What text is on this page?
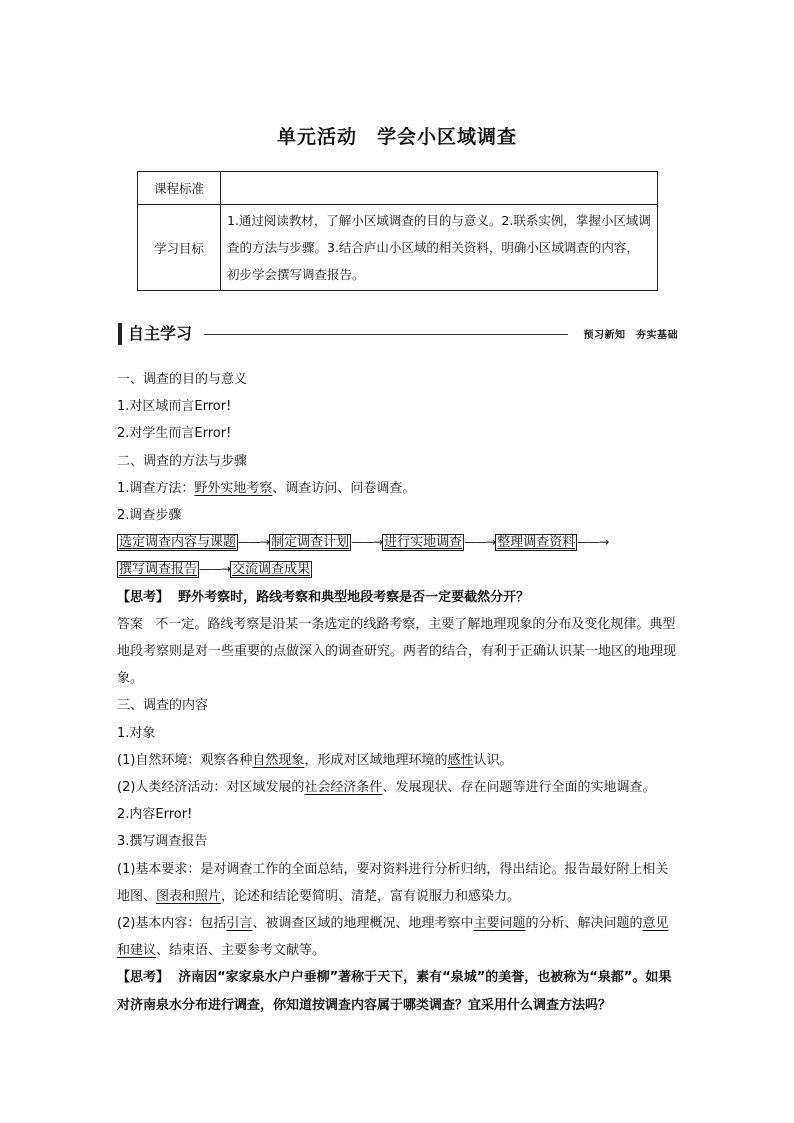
单元活动　学会小区域调查
课程标准	
学习目标	1.通过阅读教材，了解小区域调查的目的与意义。2.联系实例，掌握小区域调查的方法与步骤。3.结合庐山小区域的相关资料，明确小区域调查的内容，初步学会撰写调查报告。
自主学习	预习新知　夯实基础
一、调查的目的与意义
1.对区域而言Error!
2.对学生而言Error!
二、调查的方法与步骤
1.调查方法：野外实地考察、调查访问、问卷调查。
2.调查步骤
选定调查内容与课题 ——→ 制定调查计划 ——→ 进行实地调查 ——→ 整理调查资料 ——→
撰写调查报告 ——→ 交流调查成果
【思考】 野外考察时，路线考察和典型地段考察是否一定要截然分开？
答案 不一定。路线考察是沿某一条选定的线路考察，主要了解地理现象的分布及变化规律。典型地段考察则是对一些重要的点做深入的调查研究。两者的结合，有利于正确认识某一地区的地理现象。
三、调查的内容
1.对象
(1)自然环境：观察各种自然现象，形成对区域地理环境的感性认识。
(2)人类经济活动：对区域发展的社会经济条件、发展现状、存在问题等进行全面的实地调查。
2.内容Error!
3.撰写调查报告
(1)基本要求：是对调查工作的全面总结，要对资料进行分析归纳，得出结论。报告最好附上相关地图、图表和照片，论述和结论要简明、清楚，富有说服力和感染力。
(2)基本内容：包括引言、被调查区域的地理概况、地理考察中主要问题的分析、解决问题的意见和建议、结束语、主要参考文献等。
【思考】 济南因“家家泉水户户垂柳”著称于天下，素有“泉城”的美誉，也被称为“泉都”。如果对济南泉水分布进行调查，你知道按调查内容属于哪类调查？宜采用什么调查方法吗？
